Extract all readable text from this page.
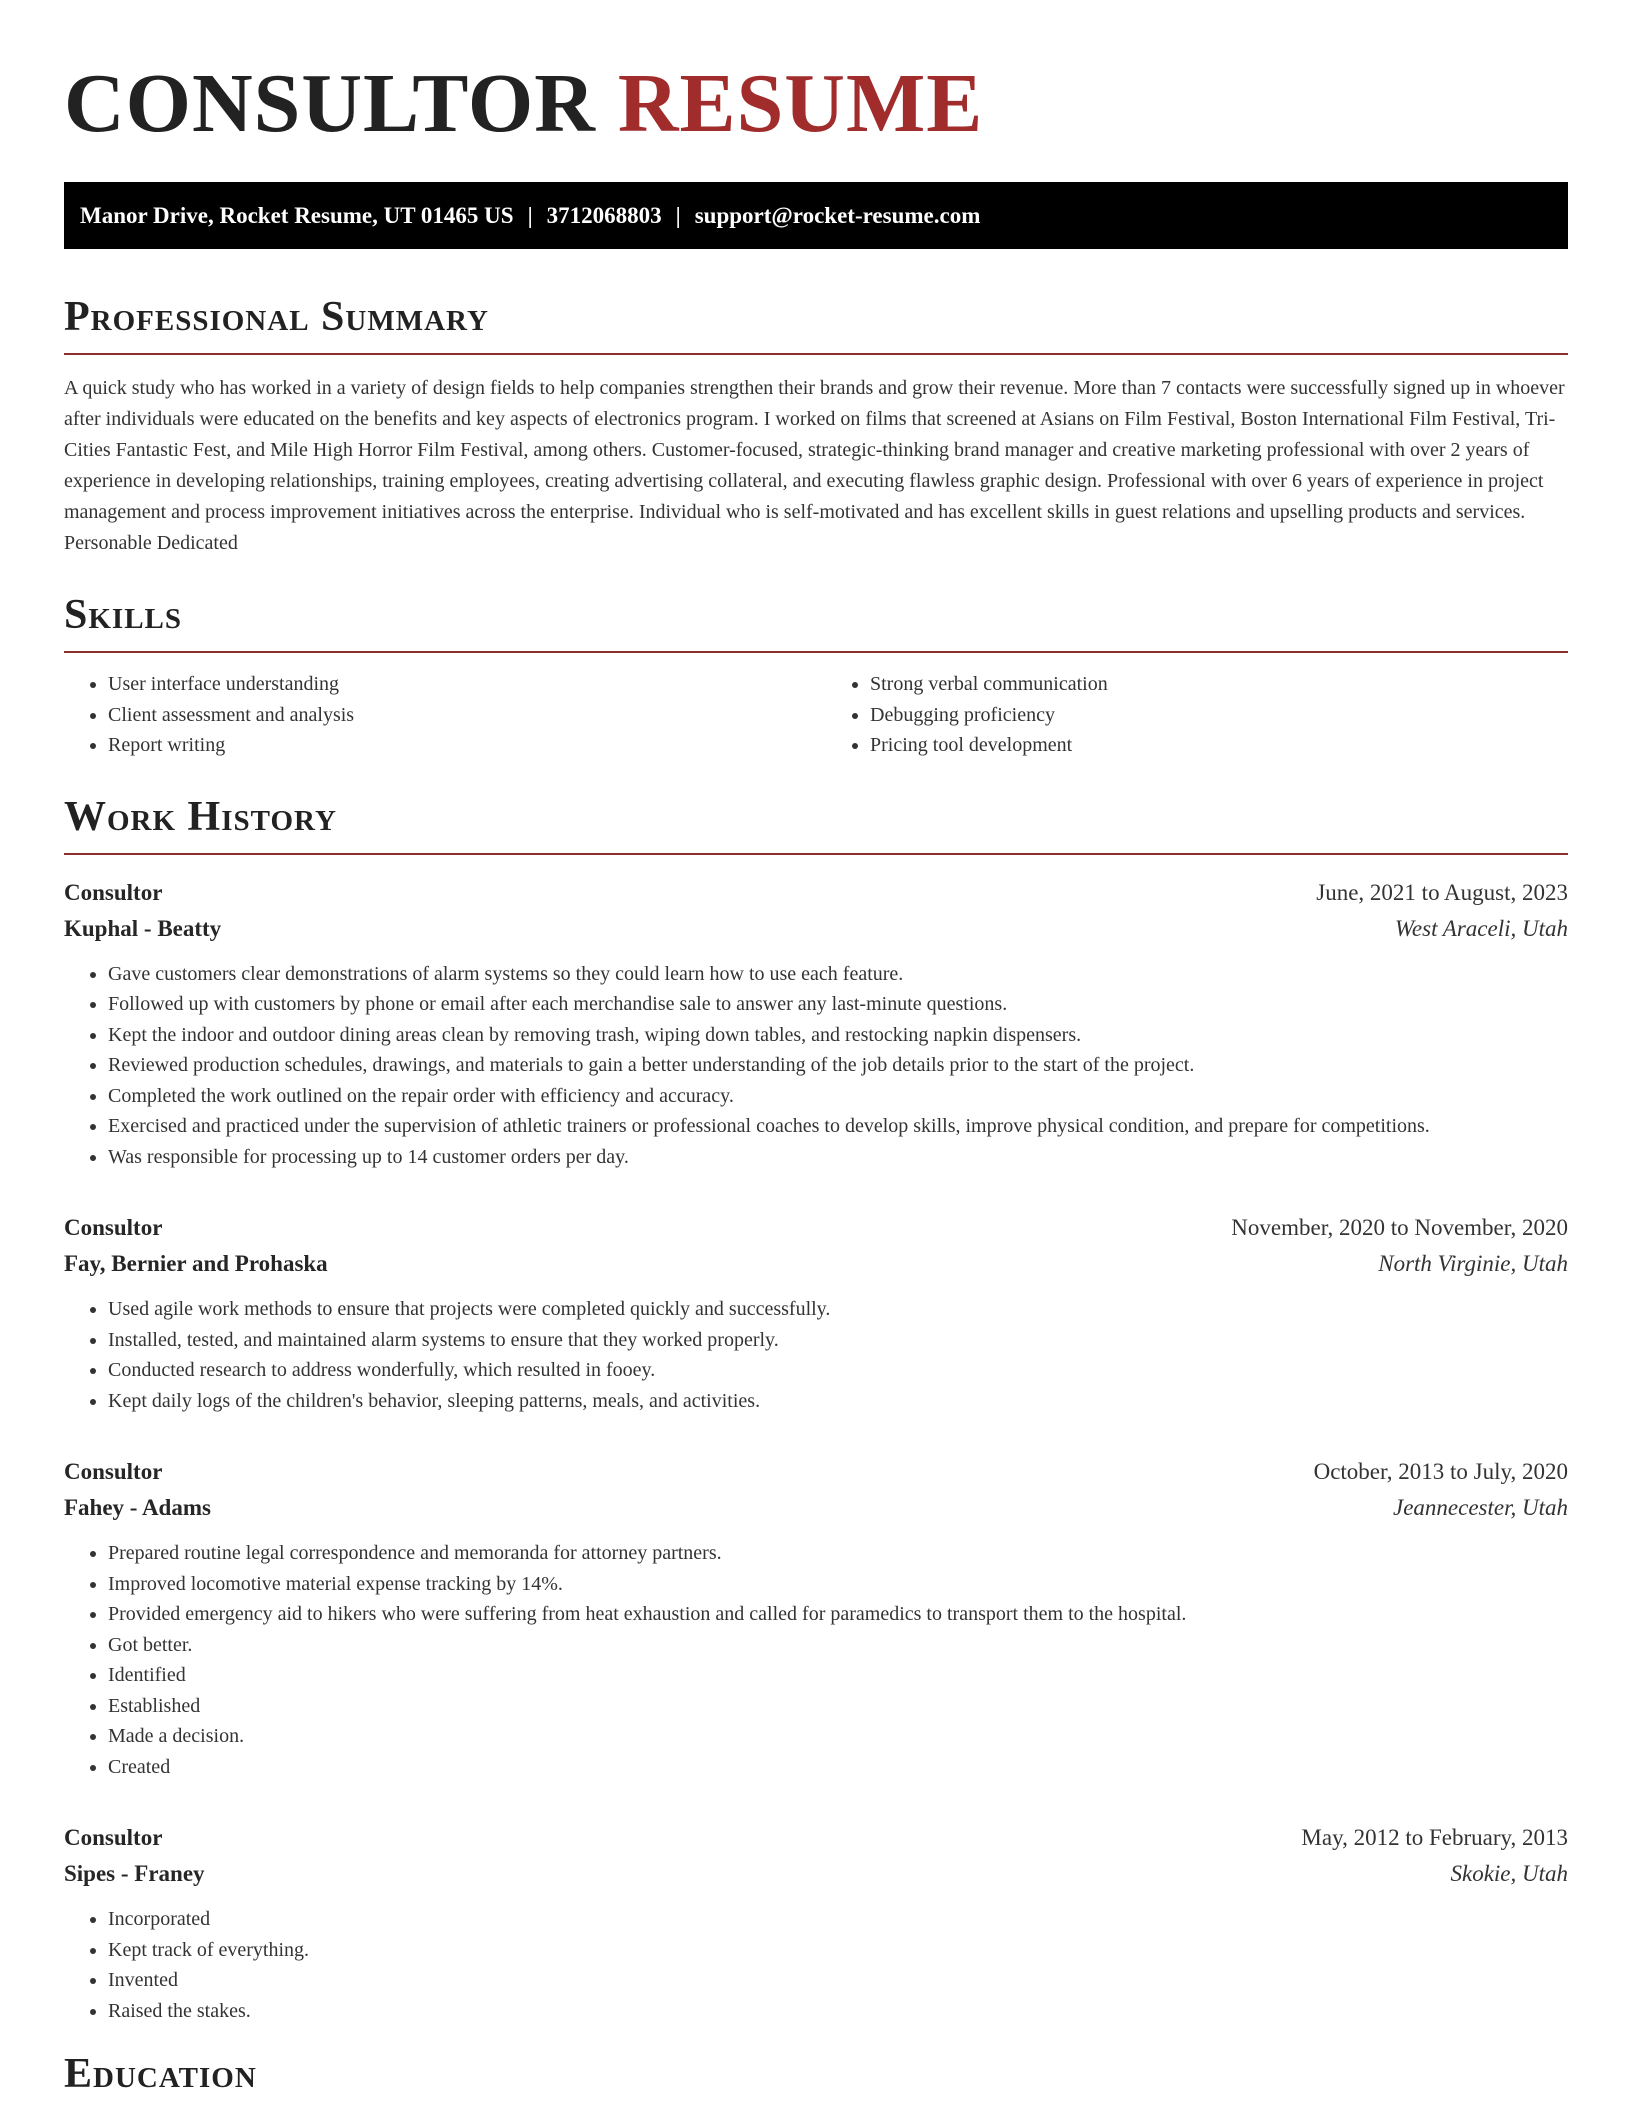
CONSULTOR RESUME
Manor Drive, Rocket Resume, UT 01465 US | 3712068803 | support@rocket-resume.com
Professional Summary

A quick study who has worked in a variety of design fields to help companies strengthen their brands and grow their revenue. More than 7 contacts were successfully signed up in whoever after individuals were educated on the benefits and key aspects of electronics program. I worked on films that screened at Asians on Film Festival, Boston International Film Festival, Tri-Cities Fantastic Fest, and Mile High Horror Film Festival, among others. Customer-focused, strategic-thinking brand manager and creative marketing professional with over 2 years of experience in developing relationships, training employees, creating advertising collateral, and executing flawless graphic design. Professional with over 6 years of experience in project management and process improvement initiatives across the enterprise. Individual who is self-motivated and has excellent skills in guest relations and upselling products and services. Personable Dedicated

Skills
• User interface understanding
• Client assessment and analysis
• Report writing
• Strong verbal communication
• Debugging proficiency
• Pricing tool development
Work History
Consultor	June, 2021 to August, 2023
Kuphal - Beatty	West Araceli, Utah
• Gave customers clear demonstrations of alarm systems so they could learn how to use each feature.
• Followed up with customers by phone or email after each merchandise sale to answer any last-minute questions.
• Kept the indoor and outdoor dining areas clean by removing trash, wiping down tables, and restocking napkin dispensers.
• Reviewed production schedules, drawings, and materials to gain a better understanding of the job details prior to the start of the project.
• Completed the work outlined on the repair order with efficiency and accuracy.
• Exercised and practiced under the supervision of athletic trainers or professional coaches to develop skills, improve physical condition, and prepare for competitions.
• Was responsible for processing up to 14 customer orders per day.
Consultor	November, 2020 to November, 2020
Fay, Bernier and Prohaska	North Virginie, Utah
• Used agile work methods to ensure that projects were completed quickly and successfully.
• Installed, tested, and maintained alarm systems to ensure that they worked properly.
• Conducted research to address wonderfully, which resulted in fooey.
• Kept daily logs of the children's behavior, sleeping patterns, meals, and activities.
Consultor	October, 2013 to July, 2020
Fahey - Adams	Jeannecester, Utah
• Prepared routine legal correspondence and memoranda for attorney partners.
• Improved locomotive material expense tracking by 14%.
• Provided emergency aid to hikers who were suffering from heat exhaustion and called for paramedics to transport them to the hospital.
• Got better.
• Identified
• Established
• Made a decision.
• Created
Consultor	May, 2012 to February, 2013
Sipes - Franey	Skokie, Utah
• Incorporated
• Kept track of everything.
• Invented
• Raised the stakes.
Education
